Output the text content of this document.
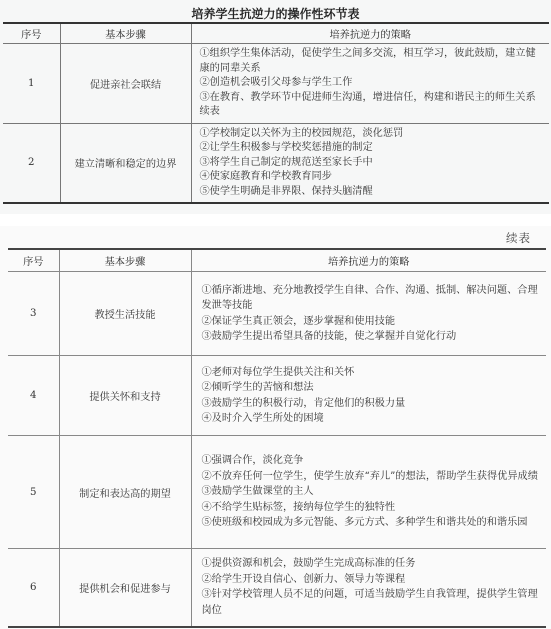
培养学生抗逆力的操作性环节表
序号	基本步骤	培养抗逆力的策略
1	促进亲社会联结	①组织学生集体活动，促使学生之间多交流，相互学习，彼此鼓励，建立健康的同辈关系

②创造机会吸引父母参与学生工作

③在教育、教学环节中促进师生沟通，增进信任，构建和谐民主的师生关系续表

2	建立清晰和稳定的边界	①学校制定以关怀为主的校园规范，淡化惩罚

②让学生积极参与学校奖惩措施的制定

③将学生自己制定的规范送至家长手中

④使家庭教育和学校教育同步

⑤使学生明确是非界限、保持头脑清醒

续表
序号	基本步骤	培养抗逆力的策略
3	教授生活技能	①循序渐进地、充分地教授学生自律、合作、沟通、抵制、解决问题、合理发泄等技能

②保证学生真正领会，逐步掌握和使用技能

③鼓励学生提出希望具备的技能，使之掌握并自觉化行动

4	提供关怀和支持	①老师对每位学生提供关注和关怀

②倾听学生的苦恼和想法

③鼓励学生的积极行动，肯定他们的积极力量

④及时介入学生所处的困境

5	制定和表达高的期望	①强调合作，淡化竞争

②不放弃任何一位学生，使学生放弃“弃儿”的想法，帮助学生获得优异成绩

③鼓励学生做课堂的主人

④不给学生贴标签，接纳每位学生的独特性

⑤使班级和校园成为多元智能、多元方式、多种学生和谐共处的和谐乐园

6	提供机会和促进参与	①提供资源和机会，鼓励学生完成高标准的任务

②给学生开设自信心、创新力、领导力等课程

③针对学校管理人员不足的问题，可适当鼓励学生自我管理，提供学生管理岗位
